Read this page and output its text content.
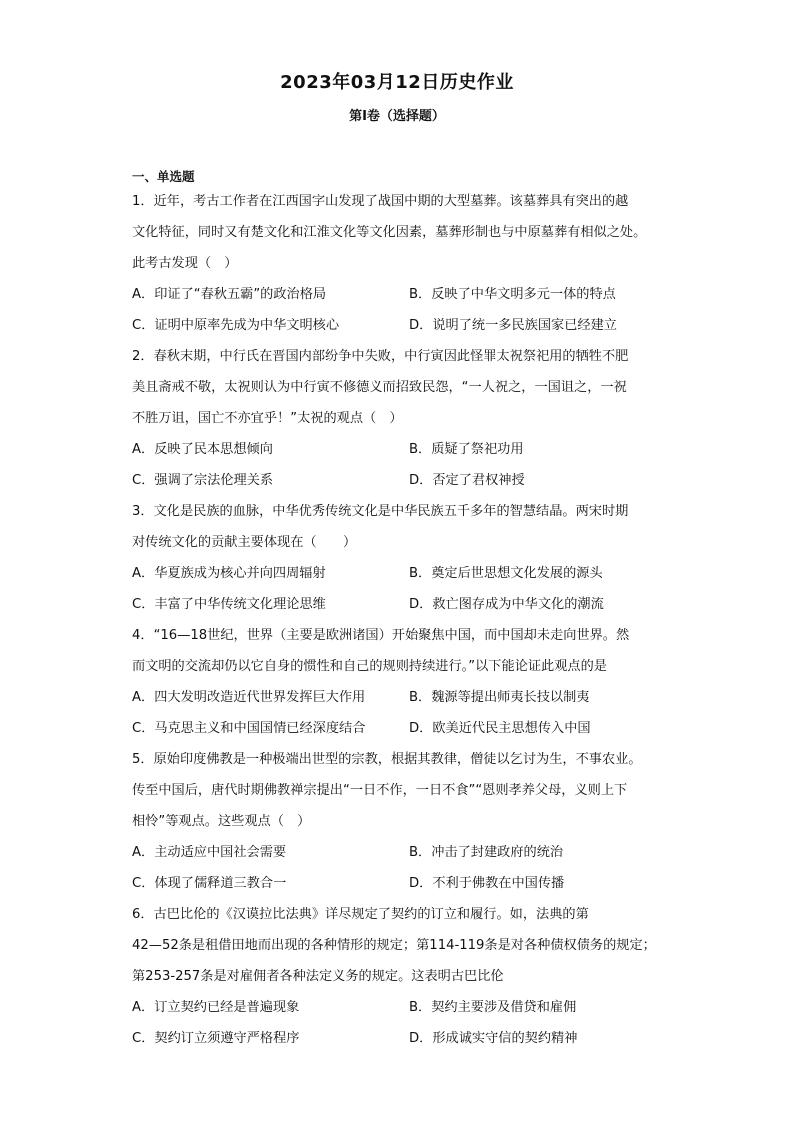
2023年03月12日历史作业
第I卷（选择题）
一、单选题
1．近年，考古工作者在江西国字山发现了战国中期的大型墓葬。该墓葬具有突出的越
文化特征，同时又有楚文化和江淮文化等文化因素，墓葬形制也与中原墓葬有相似之处。
此考古发现（　）
A．印证了“春秋五霸”的政治格局	B．反映了中华文明多元一体的特点
C．证明中原率先成为中华文明核心	D．说明了统一多民族国家已经建立
2．春秋末期，中行氏在晋国内部纷争中失败，中行寅因此怪罪太祝祭祀用的牺牲不肥
美且斋戒不敬，太祝则认为中行寅不修德义而招致民怨，“一人祝之，一国诅之，一祝
不胜万诅，国亡不亦宜乎！”太祝的观点（　）
A．反映了民本思想倾向	B．质疑了祭祀功用
C．强调了宗法伦理关系	D．否定了君权神授
3．文化是民族的血脉，中华优秀传统文化是中华民族五千多年的智慧结晶。两宋时期
对传统文化的贡献主要体现在（　　）
A．华夏族成为核心并向四周辐射	B．奠定后世思想文化发展的源头
C．丰富了中华传统文化理论思维	D．救亡图存成为中华文化的潮流
4．“16—18世纪，世界（主要是欧洲诸国）开始聚焦中国，而中国却未走向世界。然
而文明的交流却仍以它自身的惯性和自己的规则持续进行。”以下能论证此观点的是
A．四大发明改造近代世界发挥巨大作用	B．魏源等提出师夷长技以制夷
C．马克思主义和中国国情已经深度结合	D．欧美近代民主思想传入中国
5．原始印度佛教是一种极端出世型的宗教，根据其教律，僧徒以乞讨为生，不事农业。
传至中国后，唐代时期佛教禅宗提出“一日不作，一日不食”“恩则孝养父母，义则上下
相怜”等观点。这些观点（　）
A．主动适应中国社会需要	B．冲击了封建政府的统治
C．体现了儒释道三教合一	D．不利于佛教在中国传播
6．古巴比伦的《汉谟拉比法典》详尽规定了契约的订立和履行。如，法典的第
42—52条是租借田地而出现的各种情形的规定；第114-119条是对各种债权债务的规定；
第253-257条是对雇佣者各种法定义务的规定。这表明古巴比伦
A．订立契约已经是普遍现象	B．契约主要涉及借贷和雇佣
C．契约订立须遵守严格程序	D．形成诚实守信的契约精神
